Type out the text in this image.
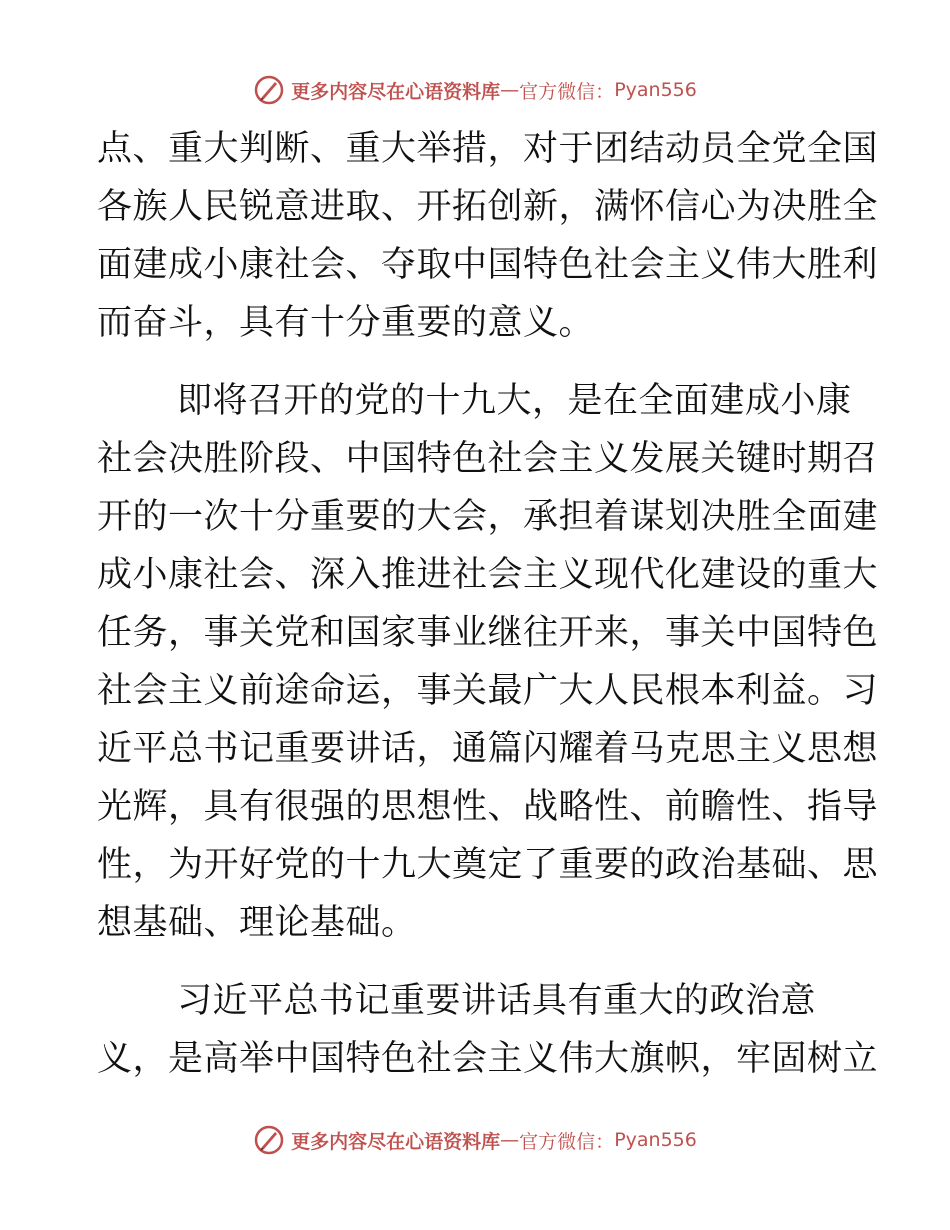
更多内容尽在心语资料库 — 官方微信： Pyan556
点、重大判断、重大举措，对于团结动员全党全国
各族人民锐意进取、开拓创新，满怀信心为决胜全
面建成小康社会、夺取中国特色社会主义伟大胜利
而奋斗，具有十分重要的意义。
即将召开的党的十九大，是在全面建成小康
社会决胜阶段、中国特色社会主义发展关键时期召
开的一次十分重要的大会，承担着谋划决胜全面建
成小康社会、深入推进社会主义现代化建设的重大
任务，事关党和国家事业继往开来，事关中国特色
社会主义前途命运，事关最广大人民根本利益。习
近平总书记重要讲话，通篇闪耀着马克思主义思想
光辉，具有很强的思想性、战略性、前瞻性、指导
性，为开好党的十九大奠定了重要的政治基础、思
想基础、理论基础。
习近平总书记重要讲话具有重大的政治意
义，是高举中国特色社会主义伟大旗帜，牢固树立
更多内容尽在心语资料库 — 官方微信： Pyan556
